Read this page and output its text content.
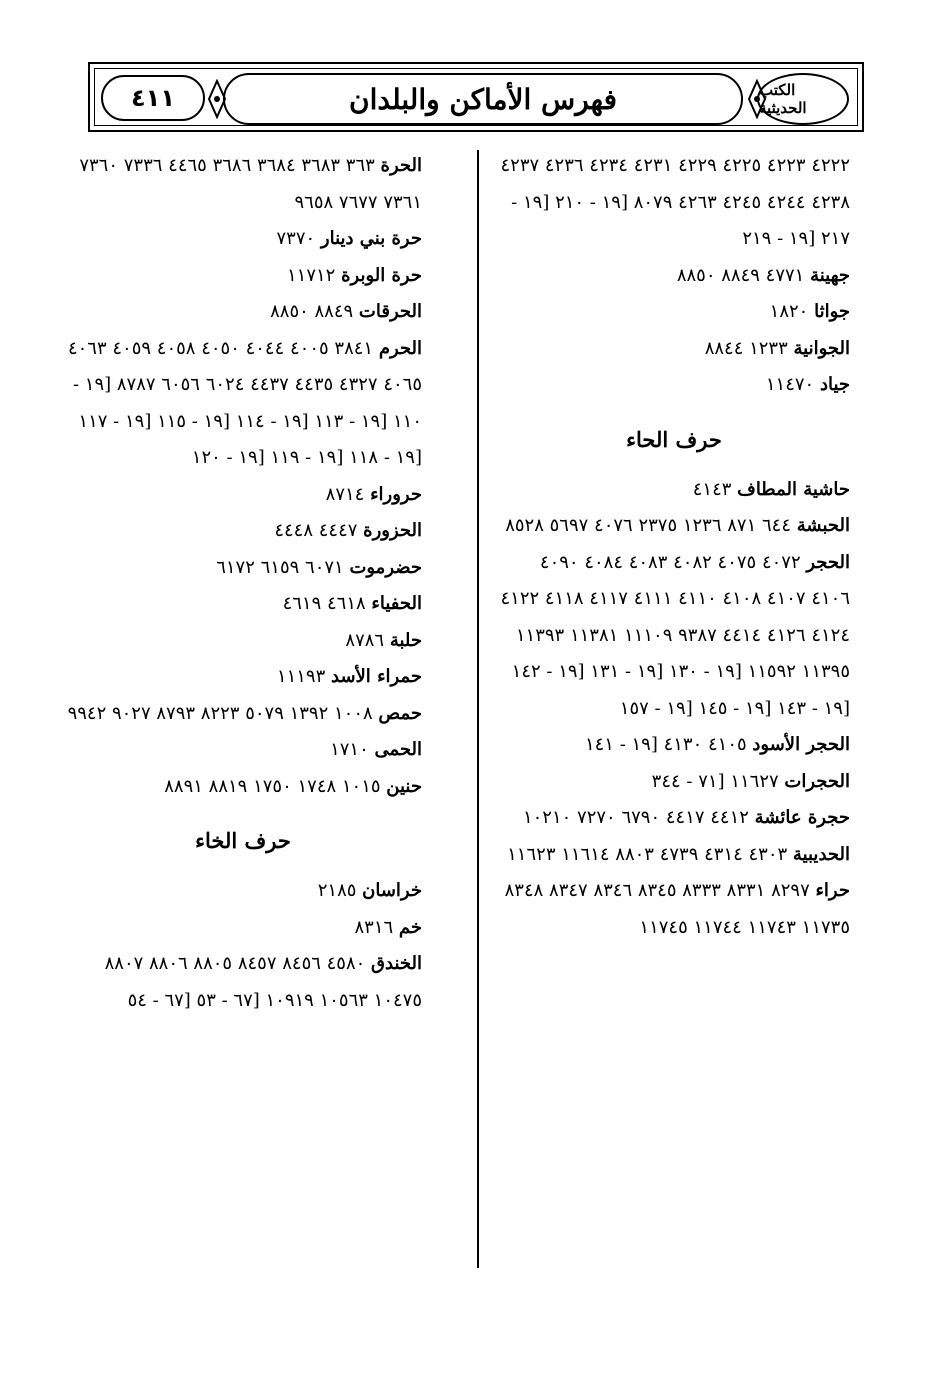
٤١١	فهرس الأماكن والبلدان	الكتب الحديثية

٤٢٢٢ ٤٢٢٣ ٤٢٢٥ ٤٢٢٩ ٤٢٣١ ٤٢٣٤ ٤٢٣٦ ٤٢٣٧ ٤٢٣٨ ٤٢٤٤ ٤٢٤٥ ٤٢٦٣ ٨٠٧٩ [١٩ - ٢١٠ [١٩ - ٢١٧ [١٩ - ٢١٩

جهينة ٤٧٧١ ٨٨٤٩ ٨٨٥٠

جواثا ١٨٢٠

الجوانية ١٢٣٣ ٨٨٤٤

جياد ١١٤٧٠

حرف الحاء

حاشية المطاف ٤١٤٣

الحبشة ٦٤٤ ٨٧١ ١٢٣٦ ٢٣٧٥ ٤٠٧٦ ٥٦٩٧ ٨٥٢٨

الحجر ٤٠٧٢ ٤٠٧٥ ٤٠٨٢ ٤٠٨٣ ٤٠٨٤ ٤٠٩٠ ٤١٠٦ ٤١٠٧ ٤١٠٨ ٤١١٠ ٤١١١ ٤١١٧ ٤١١٨ ٤١٢٢ ٤١٢٤ ٤١٢٦ ٤٤١٤ ٩٣٨٧ ١١١٠٩ ١١٣٨١ ١١٣٩٣ ١١٣٩٥ ١١٥٩٢ [١٩ - ١٣٠ [١٩ - ١٣١ [١٩ - ١٤٢ [١٩ - ١٤٣ [١٩ - ١٤٥ [١٩ - ١٥٧

الحجر الأسود ٤١٠٥ ٤١٣٠ [١٩ - ١٤١

الحجرات ١١٦٢٧ [٧١ - ٣٤٤

حجرة عائشة ٤٤١٢ ٤٤١٧ ٦٧٩٠ ٧٢٧٠ ١٠٢١٠

الحديبية ٤٣٠٣ ٤٣١٤ ٤٧٣٩ ٨٨٠٣ ١١٦١٤ ١١٦٢٣

حراء ٨٢٩٧ ٨٣٣١ ٨٣٣٣ ٨٣٤٥ ٨٣٤٦ ٨٣٤٧ ٨٣٤٨ ١١٧٣٥ ١١٧٤٣ ١١٧٤٤ ١١٧٤٥

الحرة ٣٦٣ ٣٦٨٣ ٣٦٨٤ ٣٦٨٦ ٤٤٦٥ ٧٣٣٦ ٧٣٦٠ ٧٣٦١ ٧٦٧٧ ٩٦٥٨

حرة بني دينار ٧٣٧٠

حرة الوبرة ١١٧١٢

الحرقات ٨٨٤٩ ٨٨٥٠

الحرم ٣٨٤١ ٤٠٠٥ ٤٠٤٤ ٤٠٥٠ ٤٠٥٨ ٤٠٥٩ ٤٠٦٣ ٤٠٦٥ ٤٣٢٧ ٤٤٣٥ ٤٤٣٧ ٦٠٢٤ ٦٠٥٦ ٨٧٨٧ [١٩ - ١١٠ [١٩ - ١١٣ [١٩ - ١١٤ [١٩ - ١١٥ [١٩ - ١١٧ [١٩ - ١١٨ [١٩ - ١١٩ [١٩ - ١٢٠

حروراء ٨٧١٤

الحزورة ٤٤٤٧ ٤٤٤٨

حضرموت ٦٠٧١ ٦١٥٩ ٦١٧٢

الحفياء ٤٦١٨ ٤٦١٩

حلبة ٨٧٨٦

حمراء الأسد ١١١٩٣

حمص ١٠٠٨ ١٣٩٢ ٥٠٧٩ ٨٢٢٣ ٨٧٩٣ ٩٠٢٧ ٩٩٤٢

الحمى ١٧١٠

حنين ١٠١٥ ١٧٤٨ ١٧٥٠ ٨٨١٩ ٨٨٩١

حرف الخاء

خراسان ٢١٨٥

خم ٨٣١٦

الخندق ٤٥٨٠ ٨٤٥٦ ٨٤٥٧ ٨٨٠٥ ٨٨٠٦ ٨٨٠٧ ١٠٤٧٥ ١٠٥٦٣ ١٠٩١٩ [٦٧ - ٥٣ [٦٧ - ٥٤
